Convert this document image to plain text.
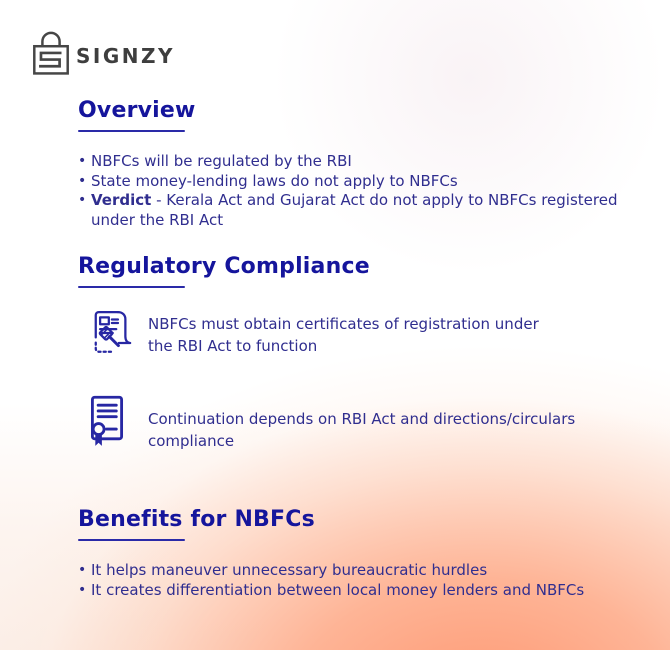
SIGNZY
Overview
• NBFCs will be regulated by the RBI
• State money-lending laws do not apply to NBFCs
• Verdict - Kerala Act and Gujarat Act do not apply to NBFCs registered under the RBI Act
Regulatory Compliance

NBFCs must obtain certificates of registration under the RBI Act to function

Continuation depends on RBI Act and directions/circulars compliance

Benefits for NBFCs
• It helps maneuver unnecessary bureaucratic hurdles
• It creates differentiation between local money lenders and NBFCs
